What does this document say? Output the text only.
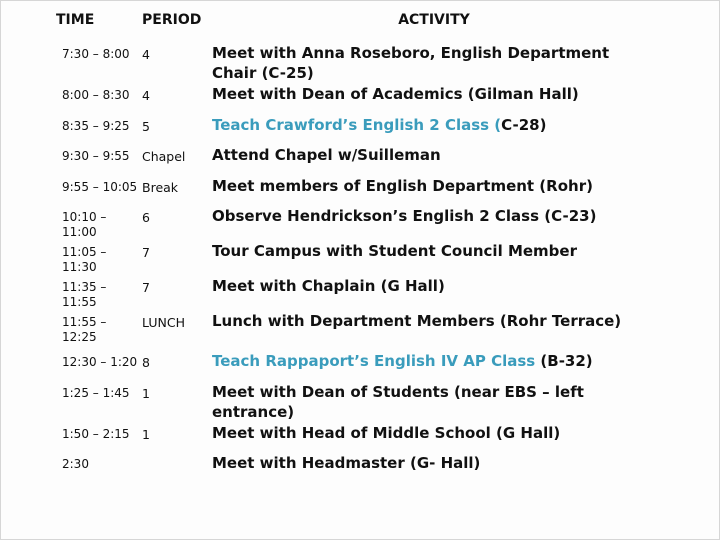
TIME	PERIOD	ACTIVITY
7:30 – 8:00	4	Meet with Anna Roseboro, English Department Chair (C-25)
8:00 – 8:30	4	Meet with Dean of Academics (Gilman Hall)
8:35 – 9:25	5	Teach Crawford’s English 2 Class (C-28)
9:30 – 9:55	Chapel	Attend Chapel w/Suilleman
9:55 – 10:05	Break	Meet members of English Department (Rohr)
10:10 – 11:00	6	Observe Hendrickson’s English 2 Class (C-23)
11:05 – 11:30	7	Tour Campus with Student Council Member
11:35 – 11:55	7	Meet with Chaplain (G Hall)
11:55 – 12:25	LUNCH	Lunch with Department Members (Rohr Terrace)
12:30 – 1:20	8	Teach Rappaport’s English IV AP Class (B-32)
1:25 – 1:45	1	Meet with Dean of Students (near EBS – left entrance)
1:50 – 2:15	1	Meet with Head of Middle School (G Hall)
2:30		Meet with Headmaster (G- Hall)
